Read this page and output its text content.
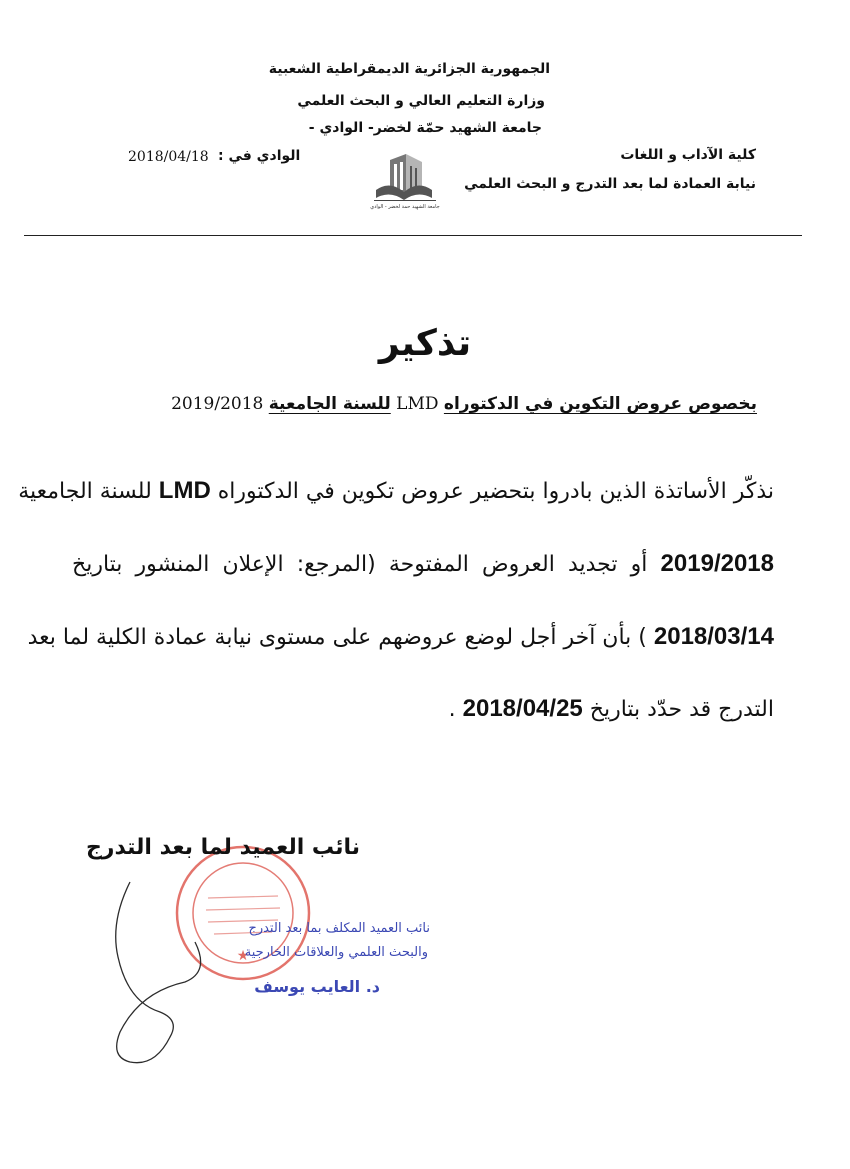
الجمهورية الجزائرية الديمقراطية الشعبية
وزارة التعليم العالي و البحث العلمي
جامعة الشهيد حمّة لخضر- الوادي -
كلية الآداب و اللغات
نيابة العمادة لما بعد التدرج و البحث العلمي
الوادي في :
2018/04/18
جامعة الشهيد حمة لخضر - الوادي
تذكير
بخصوص عروض التكوين في الدكتوراه LMD للسنة الجامعية 2019/2018
نذكّر الأساتذة الذين بادروا بتحضير عروض تكوين في الدكتوراه LMD للسنة الجامعية
2019/2018 أو تجديد العروض المفتوحة (المرجع: الإعلان المنشور بتاريخ
2018/03/14 ) بأن آخر أجل لوضع عروضهم على مستوى نيابة عمادة الكلية لما بعد
التدرج قد حدّد بتاريخ 2018/04/25 .
★
نائب العميد لما بعد التدرج
نائب العميد المكلف بما بعد التدرج
والبحث العلمي والعلاقات الخارجية
د. العايب يوسف
